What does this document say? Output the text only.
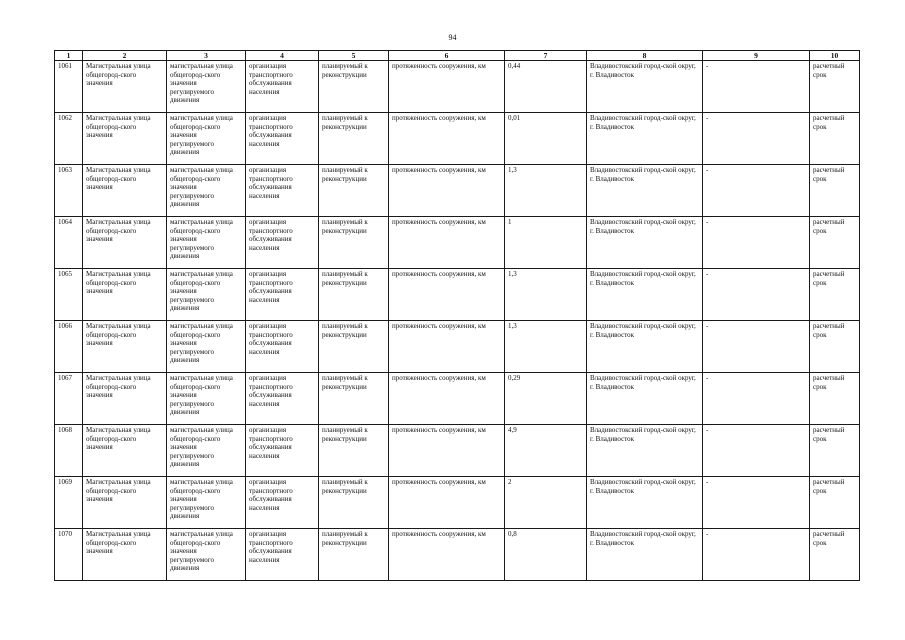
94
1	2	3	4	5	6	7	8	9	10
1061	Магистральная улица общегород-ского значения	магистральная улица общегород-ского значения регулируемого движения	организация транспортного обслуживания населения	планируемый к реконструкции	протяженность сооружения, км	0,44	Владивостокский город-ской округ, г. Владивосток	-	расчетный срок
1062	Магистральная улица общегород-ского значения	магистральная улица общегород-ского значения регулируемого движения	организация транспортного обслуживания населения	планируемый к реконструкции	протяженность сооружения, км	0,01	Владивостокский город-ской округ, г. Владивосток	-	расчетный срок
1063	Магистральная улица общегород-ского значения	магистральная улица общегород-ского значения регулируемого движения	организация транспортного обслуживания населения	планируемый к реконструкции	протяженность сооружения, км	1,3	Владивостокский город-ской округ, г. Владивосток	-	расчетный срок
1064	Магистральная улица общегород-ского значения	магистральная улица общегород-ского значения регулируемого движения	организация транспортного обслуживания населения	планируемый к реконструкции	протяженность сооружения, км	1	Владивостокский город-ской округ, г. Владивосток	-	расчетный срок
1065	Магистральная улица общегород-ского значения	магистральная улица общегород-ского значения регулируемого движения	организация транспортного обслуживания населения	планируемый к реконструкции	протяженность сооружения, км	1,3	Владивостокский город-ской округ, г. Владивосток	-	расчетный срок
1066	Магистральная улица общегород-ского значения	магистральная улица общегород-ского значения регулируемого движения	организация транспортного обслуживания населения	планируемый к реконструкции	протяженность сооружения, км	1,3	Владивостокский город-ской округ, г. Владивосток	-	расчетный срок
1067	Магистральная улица общегород-ского значения	магистральная улица общегород-ского значения регулируемого движения	организация транспортного обслуживания населения	планируемый к реконструкции	протяженность сооружения, км	0,29	Владивостокский город-ской округ, г. Владивосток	-	расчетный срок
1068	Магистральная улица общегород-ского значения	магистральная улица общегород-ского значения регулируемого движения	организация транспортного обслуживания населения	планируемый к реконструкции	протяженность сооружения, км	4,9	Владивостокский город-ской округ, г. Владивосток	-	расчетный срок
1069	Магистральная улица общегород-ского значения	магистральная улица общегород-ского значения регулируемого движения	организация транспортного обслуживания населения	планируемый к реконструкции	протяженность сооружения, км	2	Владивостокский город-ской округ, г. Владивосток	-	расчетный срок
1070	Магистральная улица общегород-ского значения	магистральная улица общегород-ского значения регулируемого движения	организация транспортного обслуживания населения	планируемый к реконструкции	протяженность сооружения, км	0,8	Владивостокский город-ской округ, г. Владивосток	-	расчетный срок
